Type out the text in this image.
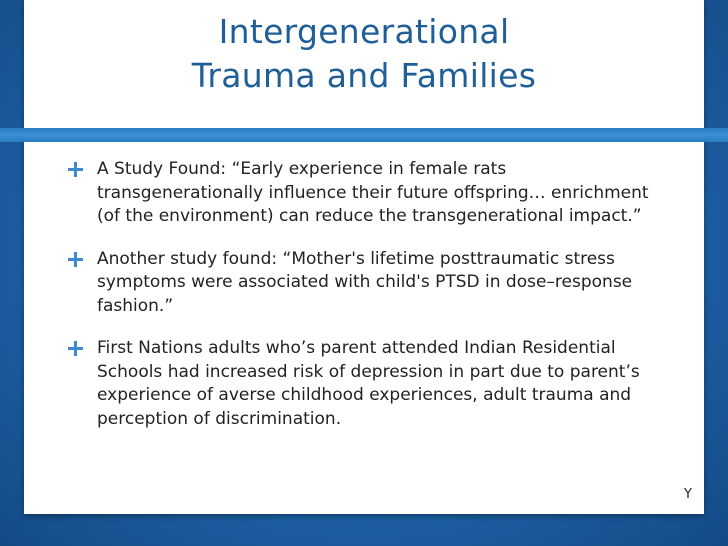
Intergenerational
Trauma and Families
A Study Found: “Early experience in female rats transgenerationally influence their future offspring… enrichment (of the environment) can reduce the transgenerational impact.”
Another study found: “Mother's lifetime posttraumatic stress symptoms were associated with child's PTSD in dose–response fashion.”
First Nations adults who’s parent attended Indian Residential Schools had increased risk of depression in part due to parent’s experience of averse childhood experiences, adult trauma and perception of discrimination.
Y
